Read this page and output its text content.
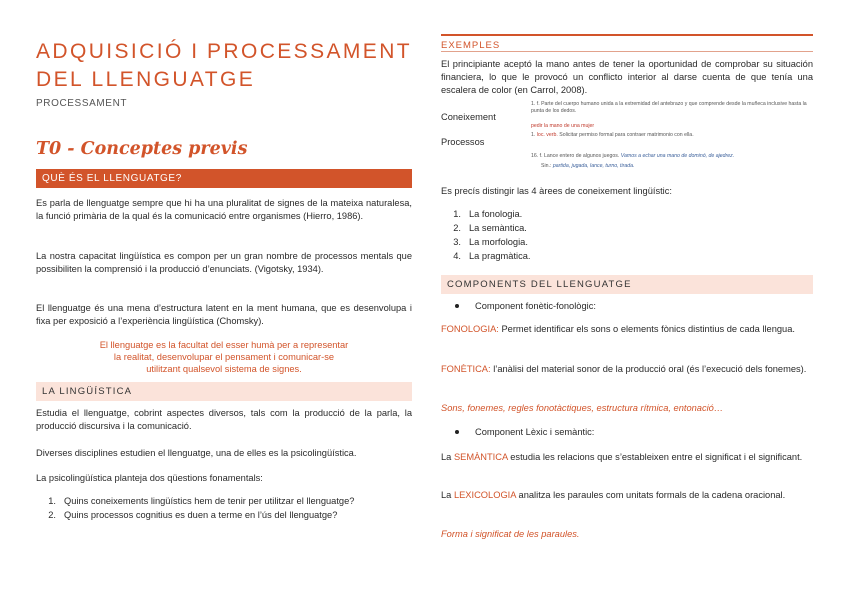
ADQUISICIÓ I PROCESSAMENT
DEL LLENGUATGE
PROCESSAMENT
T0 - Conceptes previs
QUÈ ÉS EL LLENGUATGE?
Es parla de llenguatge sempre que hi ha una pluralitat de signes de la mateixa naturalesa, la funció primària de la qual és la comunicació entre organismes (Hierro, 1986).
La nostra capacitat lingüística es compon per un gran nombre de processos mentals que possibiliten la comprensió i la producció d’enunciats. (Vigotsky, 1934).
El llenguatge és una mena d’estructura latent en la ment humana, que es desenvolupa i fixa per exposició a l’experiència lingüística (Chomsky).
El llenguatge es la facultat del esser humà per a representar la realitat, desenvolupar el pensament i comunicar-se utilitzant qualsevol sistema de signes.
LA LINGÜÍSTICA
Estudia el llenguatge, cobrint aspectes diversos, tals com la producció de la parla, la producció discursiva i la comunicació.
Diverses disciplines estudien el llenguatge, una de elles es la psicolingüística.
La psicolingüística planteja dos qüestions fonamentals:
1. Quins coneixements lingüístics hem de tenir per utilitzar el llenguatge?
2. Quins processos cognitius es duen a terme en l’ús del llenguatge?
EXEMPLES
El principiante aceptó la mano antes de tener la oportunidad de comprobar su situación financiera, lo que le provocó un conflicto interior al darse cuenta de que tenía una escalera de color (en Carrol, 2008).
Coneixement
Processos
1. f. Parte del cuerpo humano unida a la extremidad del antebrazo y que comprende desde la muñeca inclusive hasta la punta de los dedos.
pedir la mano de una mujer
1. loc. verb. Solicitar permiso formal para contraer matrimonio con ella.
16. f. Lance entero de algunos juegos. Vamos a echar una mano de dominó, de ajedrez.
Sin.: partida, jugada, lance, turno, tirada.
Es precís distingir las 4 àrees de coneixement lingüístic:
1. La fonologia.
2. La semàntica.
3. La morfologia.
4. La pragmàtica.
COMPONENTS DEL LLENGUATGE
Component fonètic-fonològic:
FONOLOGIA: Permet identificar els sons o elements fònics distintius de cada llengua.
FONÈTICA: l’anàlisi del material sonor de la producció oral (és l’execució dels fonemes).
Sons, fonemes, regles fonotàctiques, estructura rítmica, entonació…
Component Lèxic i semàntic:
La SEMÀNTICA estudia les relacions que s’estableixen entre el significat i el significant.
La LEXICOLOGIA analitza les paraules com unitats formals de la cadena oracional.
Forma i significat de les paraules.
